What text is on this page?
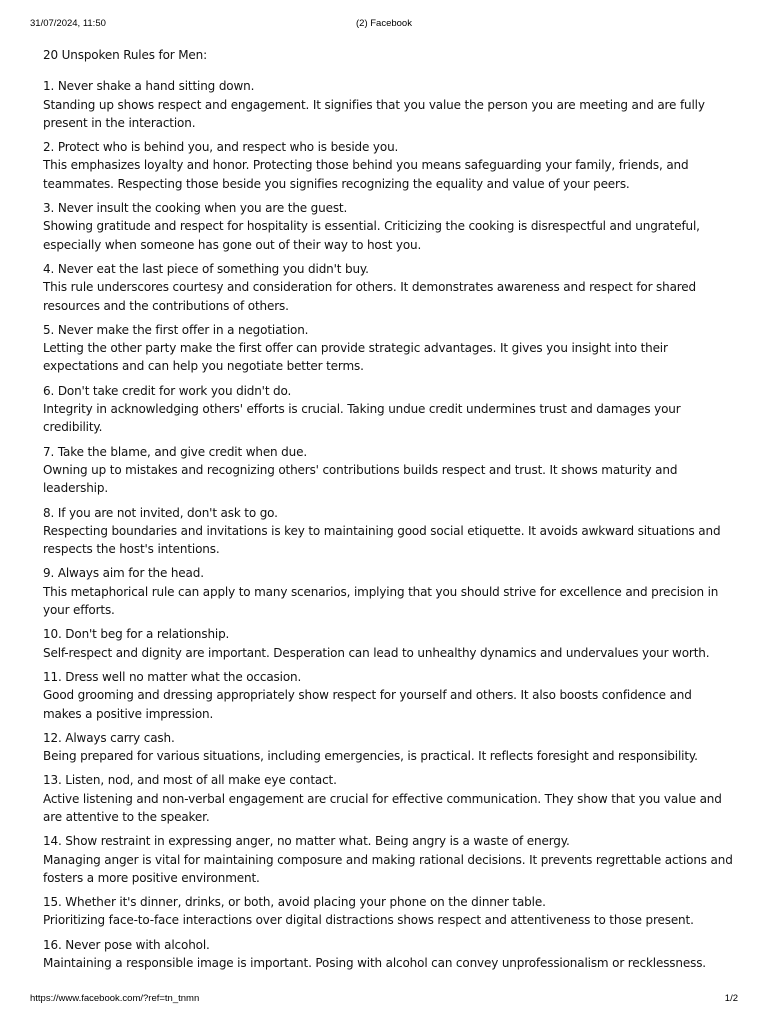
31/07/2024, 11:50	(2) Facebook
20 Unspoken Rules for Men:
1. Never shake a hand sitting down.
Standing up shows respect and engagement. It signifies that you value the person you are meeting and are fully present in the interaction.
2. Protect who is behind you, and respect who is beside you.
This emphasizes loyalty and honor. Protecting those behind you means safeguarding your family, friends, and teammates. Respecting those beside you signifies recognizing the equality and value of your peers.
3. Never insult the cooking when you are the guest.
Showing gratitude and respect for hospitality is essential. Criticizing the cooking is disrespectful and ungrateful, especially when someone has gone out of their way to host you.
4. Never eat the last piece of something you didn't buy.
This rule underscores courtesy and consideration for others. It demonstrates awareness and respect for shared resources and the contributions of others.
5. Never make the first offer in a negotiation.
Letting the other party make the first offer can provide strategic advantages. It gives you insight into their expectations and can help you negotiate better terms.
6. Don't take credit for work you didn't do.
Integrity in acknowledging others' efforts is crucial. Taking undue credit undermines trust and damages your credibility.
7. Take the blame, and give credit when due.
Owning up to mistakes and recognizing others' contributions builds respect and trust. It shows maturity and leadership.
8. If you are not invited, don't ask to go.
Respecting boundaries and invitations is key to maintaining good social etiquette. It avoids awkward situations and respects the host's intentions.
9. Always aim for the head.
This metaphorical rule can apply to many scenarios, implying that you should strive for excellence and precision in your efforts.
10. Don't beg for a relationship.
Self-respect and dignity are important. Desperation can lead to unhealthy dynamics and undervalues your worth.
11. Dress well no matter what the occasion.
Good grooming and dressing appropriately show respect for yourself and others. It also boosts confidence and makes a positive impression.
12. Always carry cash.
Being prepared for various situations, including emergencies, is practical. It reflects foresight and responsibility.
13. Listen, nod, and most of all make eye contact.
Active listening and non-verbal engagement are crucial for effective communication. They show that you value and are attentive to the speaker.
14. Show restraint in expressing anger, no matter what. Being angry is a waste of energy.
Managing anger is vital for maintaining composure and making rational decisions. It prevents regrettable actions and fosters a more positive environment.
15. Whether it's dinner, drinks, or both, avoid placing your phone on the dinner table.
Prioritizing face-to-face interactions over digital distractions shows respect and attentiveness to those present.
16. Never pose with alcohol.
Maintaining a responsible image is important. Posing with alcohol can convey unprofessionalism or recklessness.
https://www.facebook.com/?ref=tn_tnmn	1/2
